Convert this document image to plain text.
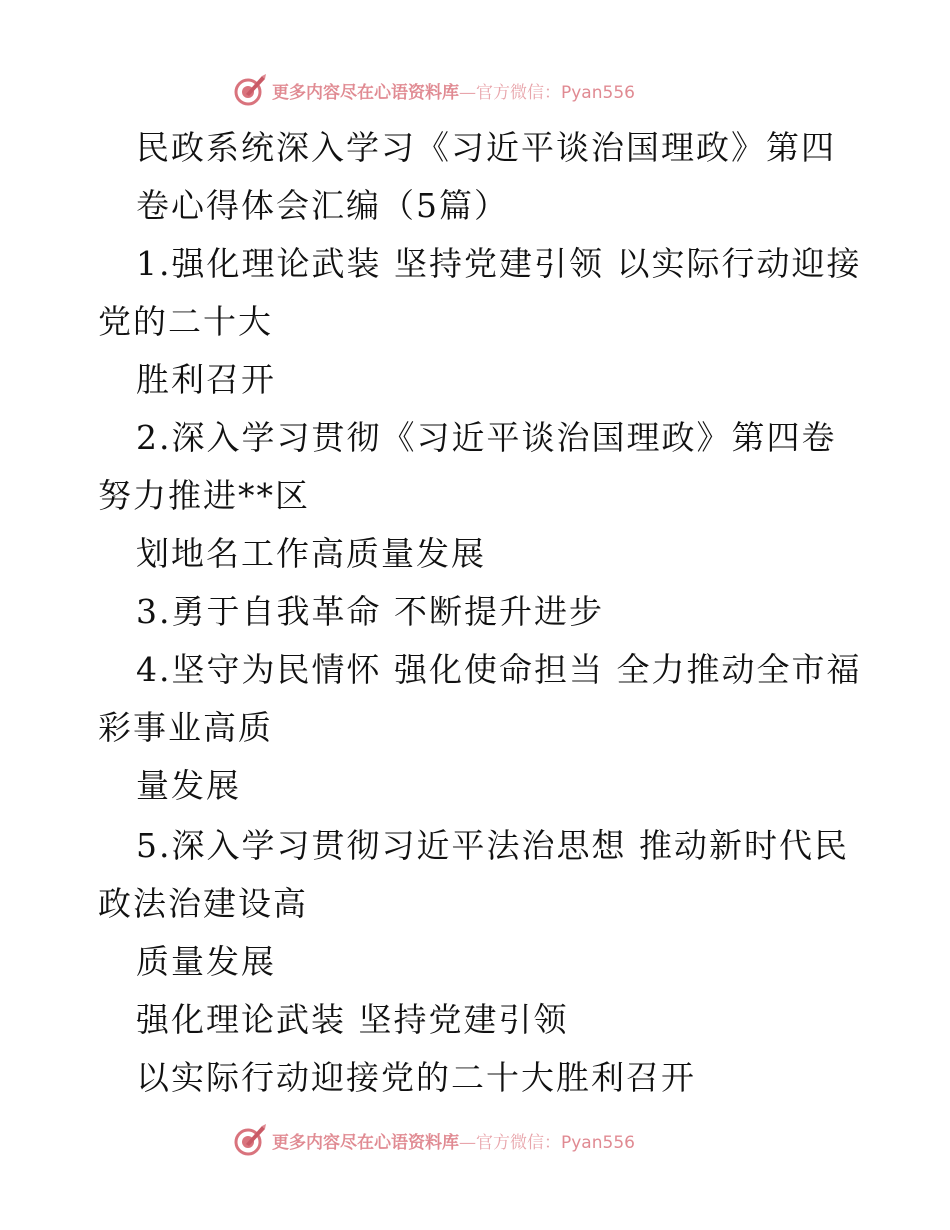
更多内容尽在心语资料库—官方微信：Pyan556
民政系统深入学习《习近平谈治国理政》第四
卷心得体会汇编（5篇）
1.强化理论武装 坚持党建引领 以实际行动迎接
党的二十大
胜利召开
2.深入学习贯彻《习近平谈治国理政》第四卷
努力推进**区
划地名工作高质量发展
3.勇于自我革命 不断提升进步
4.坚守为民情怀 强化使命担当 全力推动全市福
彩事业高质
量发展
5.深入学习贯彻习近平法治思想 推动新时代民
政法治建设高
质量发展
强化理论武装 坚持党建引领
以实际行动迎接党的二十大胜利召开
更多内容尽在心语资料库—官方微信：Pyan556
